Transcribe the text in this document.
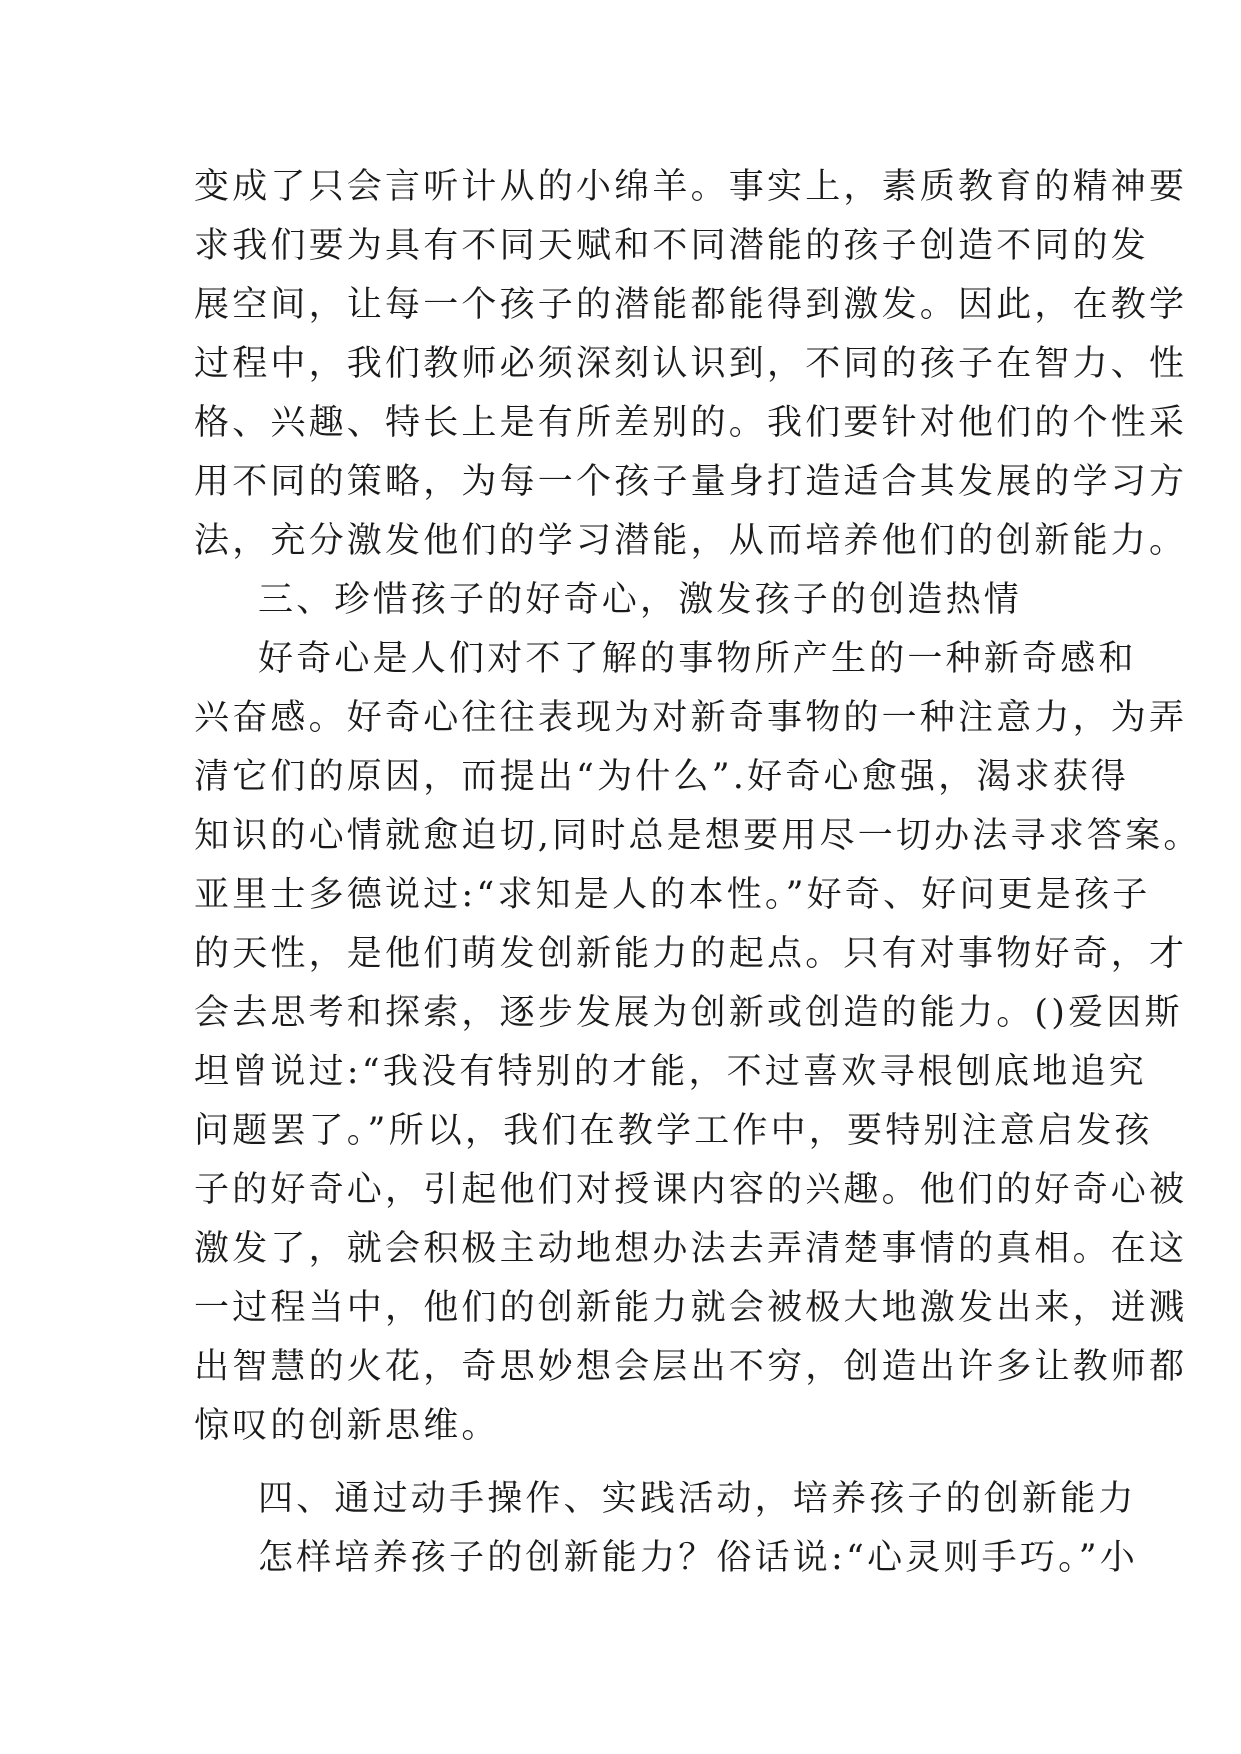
变成了只会言听计从的小绵羊。事实上，素质教育的精神要
求我们要为具有不同天赋和不同潜能的孩子创造不同的发
展空间，让每一个孩子的潜能都能得到激发。因此，在教学
过程中，我们教师必须深刻认识到，不同的孩子在智力、性
格、兴趣、特长上是有所差别的。我们要针对他们的个性采
用不同的策略，为每一个孩子量身打造适合其发展的学习方
法，充分激发他们的学习潜能，从而培养他们的创新能力。
三、珍惜孩子的好奇心，激发孩子的创造热情
好奇心是人们对不了解的事物所产生的一种新奇感和
兴奋感。好奇心往往表现为对新奇事物的一种注意力，为弄
清它们的原因，而提出“为什么”.好奇心愈强，渴求获得
知识的心情就愈迫切,同时总是想要用尽一切办法寻求答案。
亚里士多德说过:“求知是人的本性。”好奇、好问更是孩子
的天性，是他们萌发创新能力的起点。只有对事物好奇，才
会去思考和探索，逐步发展为创新或创造的能力。()爱因斯
坦曾说过:“我没有特别的才能，不过喜欢寻根刨底地追究
问题罢了。”所以，我们在教学工作中，要特别注意启发孩
子的好奇心，引起他们对授课内容的兴趣。他们的好奇心被
激发了，就会积极主动地想办法去弄清楚事情的真相。在这
一过程当中，他们的创新能力就会被极大地激发出来，迸溅
出智慧的火花，奇思妙想会层出不穷，创造出许多让教师都
惊叹的创新思维。
四、通过动手操作、实践活动，培养孩子的创新能力
怎样培养孩子的创新能力？俗话说:“心灵则手巧。”小
